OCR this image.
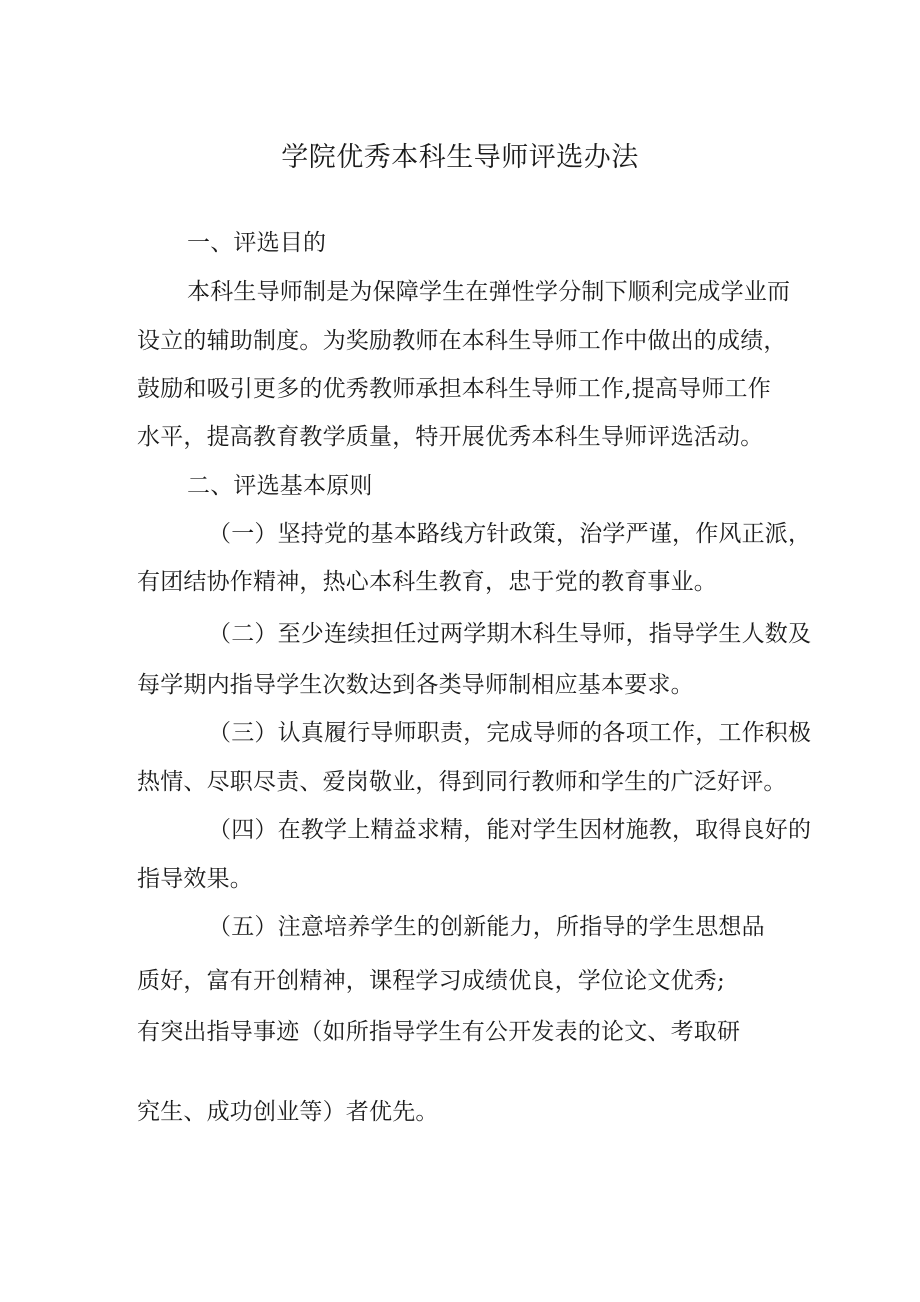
学院优秀本科生导师评选办法
一、评选目的
本科生导师制是为保障学生在弹性学分制下顺利完成学业而
设立的辅助制度。为奖励教师在本科生导师工作中做出的成绩，
鼓励和吸引更多的优秀教师承担本科生导师工作,提高导师工作
水平，提高教育教学质量，特开展优秀本科生导师评选活动。
二、评选基本原则
（一）坚持党的基本路线方针政策，治学严谨，作风正派，
有团结协作精神，热心本科生教育，忠于党的教育事业。
（二）至少连续担任过两学期木科生导师，指导学生人数及
每学期内指导学生次数达到各类导师制相应基本要求。
（三）认真履行导师职责，完成导师的各项工作，工作积极
热情、尽职尽责、爱岗敬业，得到同行教师和学生的广泛好评。
（四）在教学上精益求精，能对学生因材施教，取得良好的
指导效果。
（五）注意培养学生的创新能力，所指导的学生思想品
质好，富有开创精神，课程学习成绩优良，学位论文优秀;
有突出指导事迹（如所指导学生有公开发表的论文、考取研
究生、成功创业等）者优先。
